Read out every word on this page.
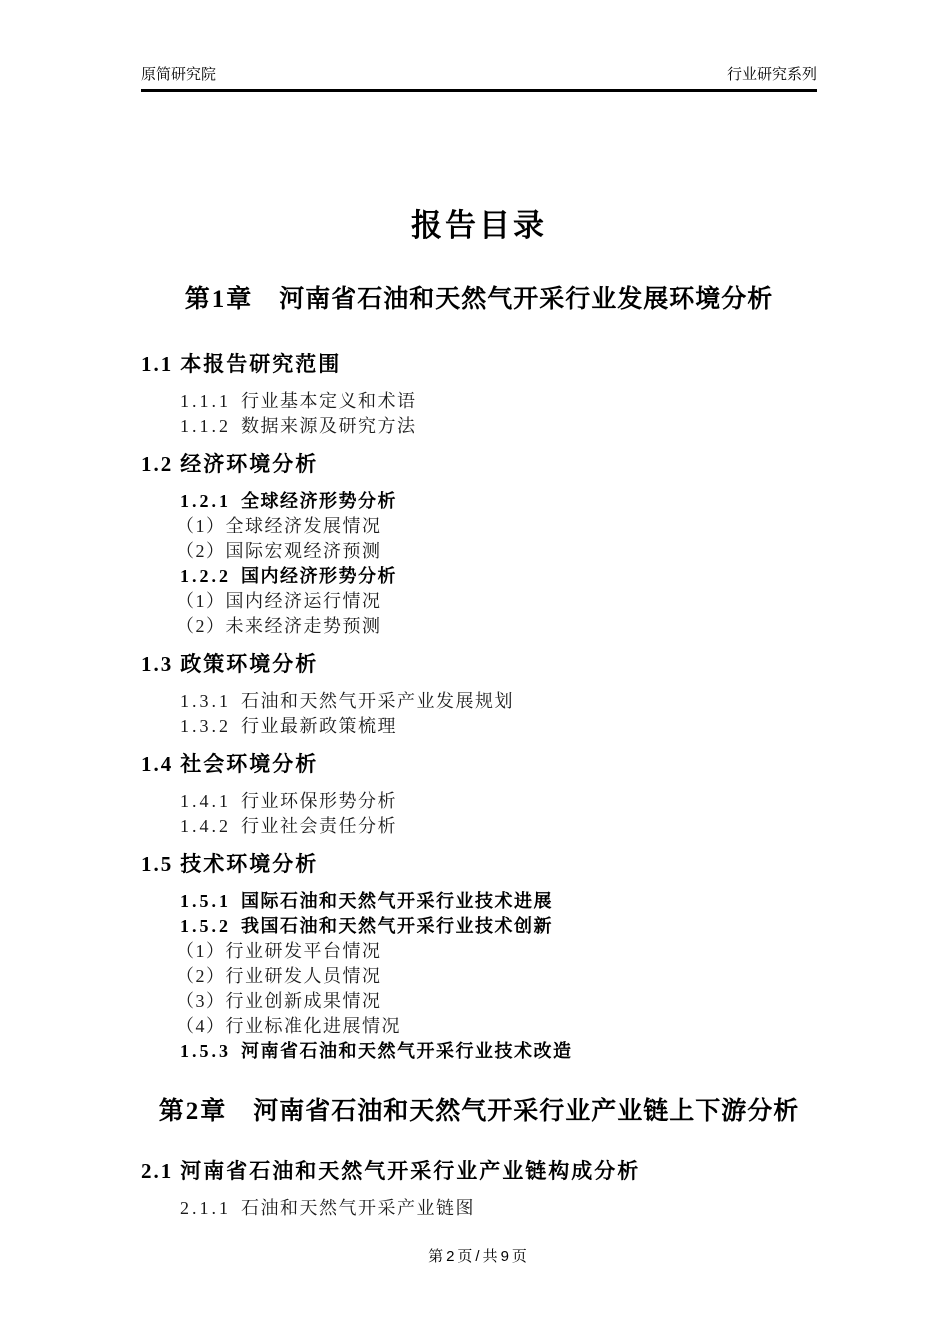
原简研究院	行业研究系列
报告目录
第1章 河南省石油和天然气开采行业发展环境分析
1.1 本报告研究范围
1.1.1 行业基本定义和术语
1.1.2 数据来源及研究方法
1.2 经济环境分析
1.2.1 全球经济形势分析
（1）全球经济发展情况
（2）国际宏观经济预测
1.2.2 国内经济形势分析
（1）国内经济运行情况
（2）未来经济走势预测
1.3 政策环境分析
1.3.1 石油和天然气开采产业发展规划
1.3.2 行业最新政策梳理
1.4 社会环境分析
1.4.1 行业环保形势分析
1.4.2 行业社会责任分析
1.5 技术环境分析
1.5.1 国际石油和天然气开采行业技术进展
1.5.2 我国石油和天然气开采行业技术创新
（1）行业研发平台情况
（2）行业研发人员情况
（3）行业创新成果情况
（4）行业标准化进展情况
1.5.3 河南省石油和天然气开采行业技术改造
第2章 河南省石油和天然气开采行业产业链上下游分析
2.1 河南省石油和天然气开采行业产业链构成分析
2.1.1 石油和天然气开采产业链图
第2页/共9页
